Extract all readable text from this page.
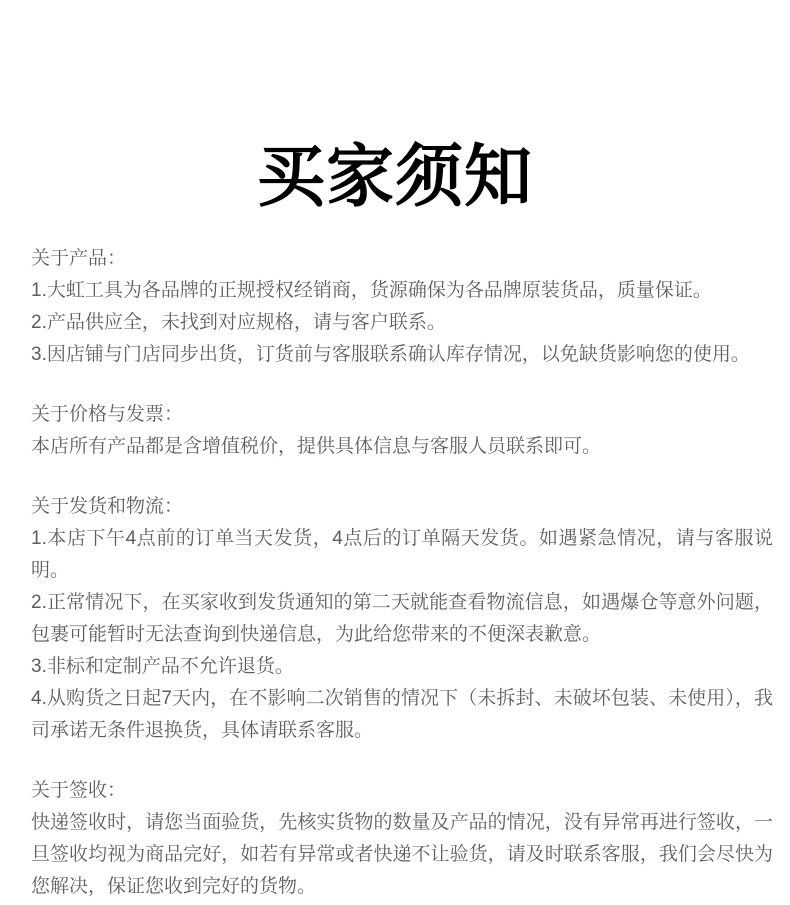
买家须知

关于产品：

1.大虹工具为各品牌的正规授权经销商，货源确保为各品牌原装货品，质量保证。

2.产品供应全，未找到对应规格，请与客户联系。

3.因店铺与门店同步出货，订货前与客服联系确认库存情况，以免缺货影响您的使用。

关于价格与发票：

本店所有产品都是含增值税价，提供具体信息与客服人员联系即可。

关于发货和物流：

1.本店下午4点前的订单当天发货，4点后的订单隔天发货。如遇紧急情况，请与客服说明。

2.正常情况下，在买家收到发货通知的第二天就能查看物流信息，如遇爆仓等意外问题，包裹可能暂时无法查询到快递信息，为此给您带来的不便深表歉意。

3.非标和定制产品不允许退货。

4.从购货之日起7天内，在不影响二次销售的情况下（未拆封、未破坏包装、未使用），我司承诺无条件退换货，具体请联系客服。

关于签收：

快递签收时，请您当面验货，先核实货物的数量及产品的情况，没有异常再进行签收，一旦签收均视为商品完好，如若有异常或者快递不让验货，请及时联系客服，我们会尽快为您解决，保证您收到完好的货物。
